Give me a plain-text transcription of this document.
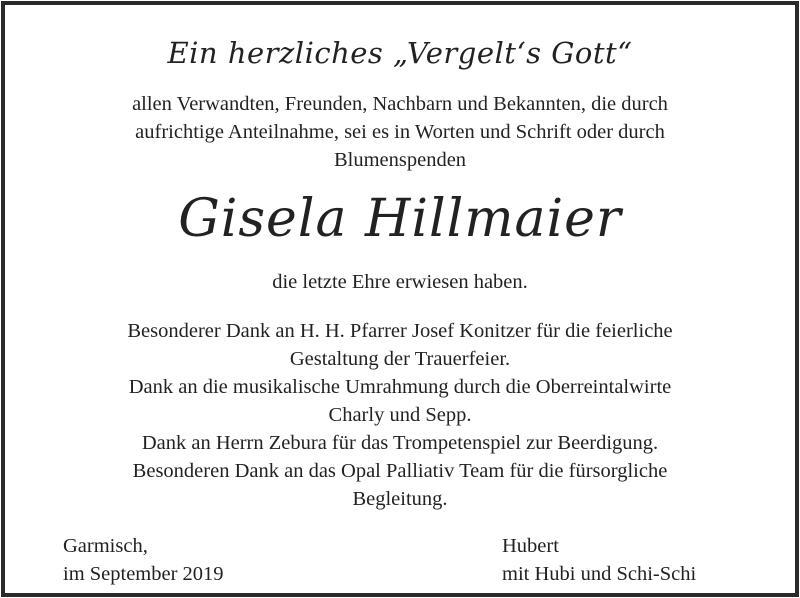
Ein herzliches „Vergelt‘s Gott“

allen Verwandten, Freunden, Nachbarn und Bekannten, die durch
aufrichtige Anteilnahme, sei es in Worten und Schrift oder durch
Blumenspenden

Gisela Hillmaier

die letzte Ehre erwiesen haben.

Besonderer Dank an H. H. Pfarrer Josef Konitzer für die feierliche
Gestaltung der Trauerfeier.
Dank an die musikalische Umrahmung durch die Oberreintalwirte
Charly und Sepp.
Dank an Herrn Zebura für das Trompetenspiel zur Beerdigung.
Besonderen Dank an das Opal Palliativ Team für die fürsorgliche
Begleitung.

Garmisch,
im September 2019
Hubert
mit Hubi und Schi-Schi
